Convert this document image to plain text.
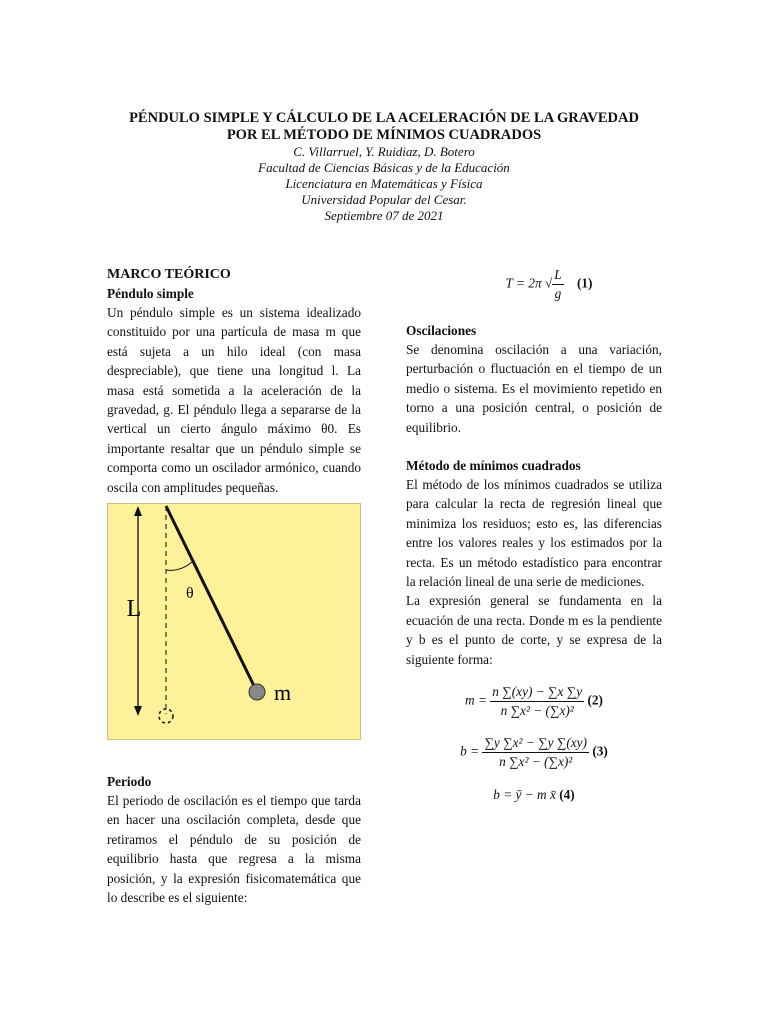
PÉNDULO SIMPLE Y CÁLCULO DE LA ACELERACIÓN DE LA GRAVEDAD
POR EL MÉTODO DE MÍNIMOS CUADRADOS
C. Villarruel, Y. Ruidiaz, D. Botero
Facultad de Ciencias Básicas y de la Educación
Licenciatura en Matemáticas y Física
Universidad Popular del Cesar.
Septiembre 07 de 2021

MARCO TEÓRICO

Péndulo simple

Un péndulo simple es un sistema idealizado constituido por una partícula de masa m que está sujeta a un hilo ideal (con masa despreciable), que tiene una longitud l. La masa está sometida a la aceleración de la gravedad, g. El péndulo llega a separarse de la vertical un cierto ángulo máximo θ0. Es importante resaltar que un péndulo simple se comporta como un oscilador armónico, cuando oscila con amplitudes pequeñas.

L
θ
m

Periodo

El periodo de oscilación es el tiempo que tarda en hacer una oscilación completa, desde que retiramos el péndulo de su posición de equilibrio hasta que regresa a la misma posición, y la expresión fisicomatemática que lo describe es el siguiente:

T = 2π √ $\frac{L}{g} (1)$

Oscilaciones

Se denomina oscilación a una variación, perturbación o fluctuación en el tiempo de un medio o sistema. Es el movimiento repetido en torno a una posición central, o posición de equilibrio.

Método de mínimos cuadrados

El método de los mínimos cuadrados se utiliza para calcular la recta de regresión lineal que minimiza los residuos; esto es, las diferencias entre los valores reales y los estimados por la recta. Es un método estadístico para encontrar la relación lineal de una serie de mediciones.

La expresión general se fundamenta en la ecuación de una recta. Donde m es la pendiente y b es el punto de corte, y se expresa de la siguiente forma:

$m = \frac{n \sum(xy) - \sum x \sum y}{\text{n ∑x² − (∑x)²}} (2)$
$b = \frac{\text{∑y ∑x² − ∑y ∑(xy)}}{\text{n ∑x² − (∑x)²}} (3)$
b = ȳ − m x̄ (4)
